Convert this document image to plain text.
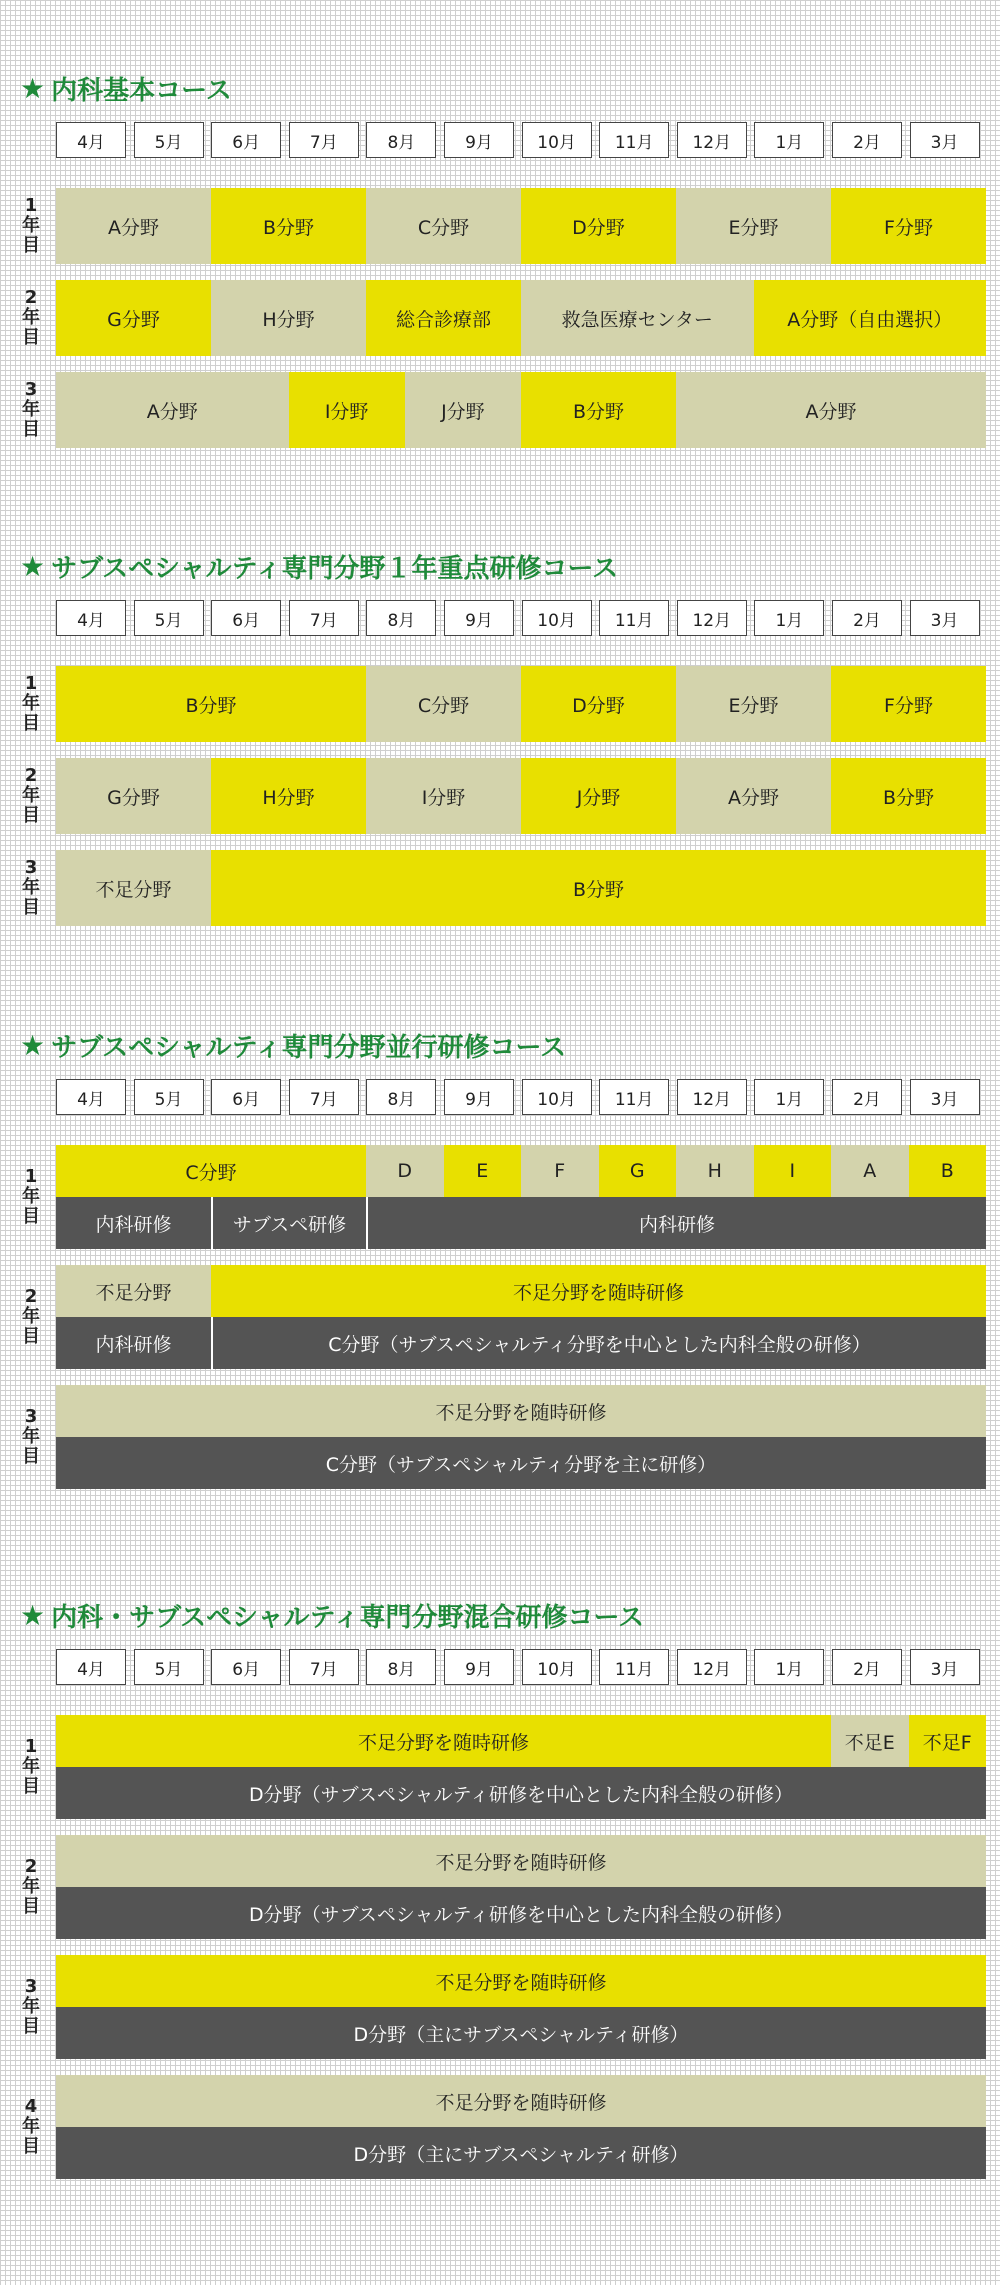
★ 内科基本コース
4月	5月	6月	7月	8月	9月	10月	11月	12月	1月	2月	3月
1
年
目
A分野	B分野	C分野	D分野	E分野	F分野
2
年
目
G分野	H分野	総合診療部	救急医療センター	A分野（自由選択）
3
年
目
A分野	I分野	J分野	B分野	A分野
★ サブスペシャルティ専門分野１年重点研修コース
4月	5月	6月	7月	8月	9月	10月	11月	12月	1月	2月	3月
1
年
目
B分野	C分野	D分野	E分野	F分野
2
年
目
G分野	H分野	I分野	J分野	A分野	B分野
3
年
目
不足分野	B分野
★ サブスペシャルティ専門分野並行研修コース
4月	5月	6月	7月	8月	9月	10月	11月	12月	1月	2月	3月
1
年
目
C分野	D	E	F	G	H	I	A	B
内科研修	サブスペ研修	内科研修
2
年
目
不足分野	不足分野を随時研修
内科研修	C分野（サブスペシャルティ分野を中心とした内科全般の研修）
3
年
目
不足分野を随時研修
C分野（サブスペシャルティ分野を主に研修）
★ 内科・サブスペシャルティ専門分野混合研修コース
4月	5月	6月	7月	8月	9月	10月	11月	12月	1月	2月	3月
1
年
目
不足分野を随時研修	不足E	不足F
D分野（サブスペシャルティ研修を中心とした内科全般の研修）
2
年
目
不足分野を随時研修
D分野（サブスペシャルティ研修を中心とした内科全般の研修）
3
年
目
不足分野を随時研修
D分野（主にサブスペシャルティ研修）
4
年
目
不足分野を随時研修
D分野（主にサブスペシャルティ研修）
